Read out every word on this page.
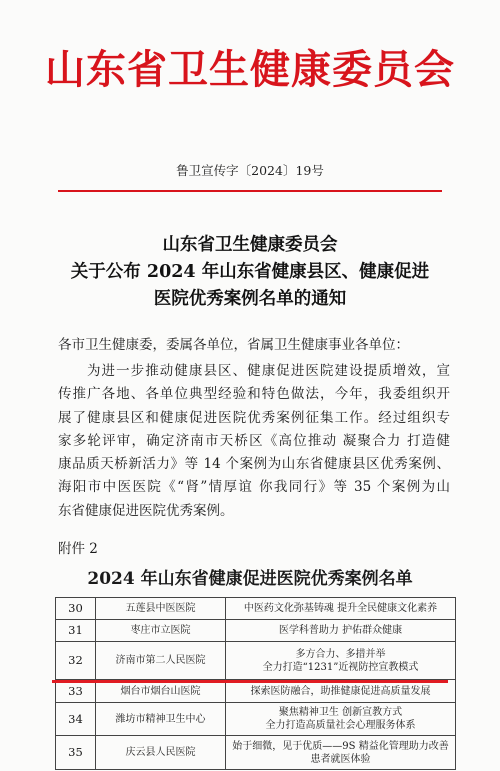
山东省卫生健康委员会
鲁卫宣传字〔2024〕19号
山东省卫生健康委员会
关于公布 2024 年山东省健康县区、健康促进
医院优秀案例名单的通知
各市卫生健康委，委属各单位，省属卫生健康事业各单位：
为进一步推动健康县区、健康促进医院建设提质增效，宣
传推广各地、各单位典型经验和特色做法，今年，我委组织开
展了健康县区和健康促进医院优秀案例征集工作。经过组织专
家多轮评审，确定济南市天桥区《高位推动 凝聚合力 打造健
康品质天桥新活力》等 14 个案例为山东省健康县区优秀案例、
海阳市中医医院《“肾”情厚谊 你我同行》等 35 个案例为山
东省健康促进医院优秀案例。
附件 2
2024 年山东省健康促进医院优秀案例名单
30	五莲县中医医院	中医药文化弥基铸魂 提升全民健康文化素养

31	枣庄市立医院	医学科普助力 护佑群众健康

32	济南市第二人民医院	多方合力、多措并举
全力打造“1231”近视防控宣教模式

33	烟台市烟台山医院	探索医防融合，助推健康促进高质量发展

34	潍坊市精神卫生中心	聚焦精神卫生 创新宣教方式
全力打造高质量社会心理服务体系

35	庆云县人民医院	始于细微，见于优质——9S 精益化管理助力改善
患者就医体验
